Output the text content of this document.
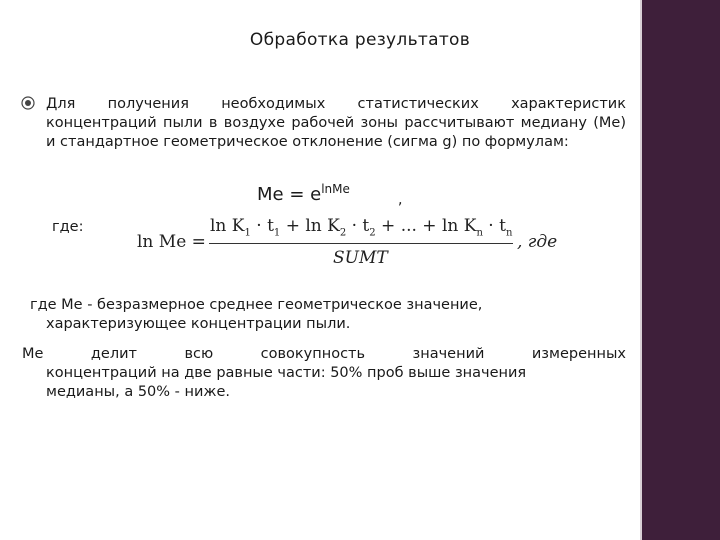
Обработка результатов
Для получения необходимых статистических характеристик концентраций пыли в воздухе рабочей зоны рассчитывают медиану (Ме) и стандартное геометрическое отклонение (сигма g) по формулам:
Ме = $e^{lnMe}$
,
где:
ln Me =
$\ln K_1 \cdot t_1 + \ln K_2 \cdot t_2$ + ... + $\ln K_n \cdot t_n$
SUMT
, где
где Ме - безразмерное среднее геометрическое значение,
характеризующее концентрации пыли.
Ме делит всю совокупность значений измеренных
концентраций на две равные части: 50% проб выше значения
медианы, а 50% - ниже.
